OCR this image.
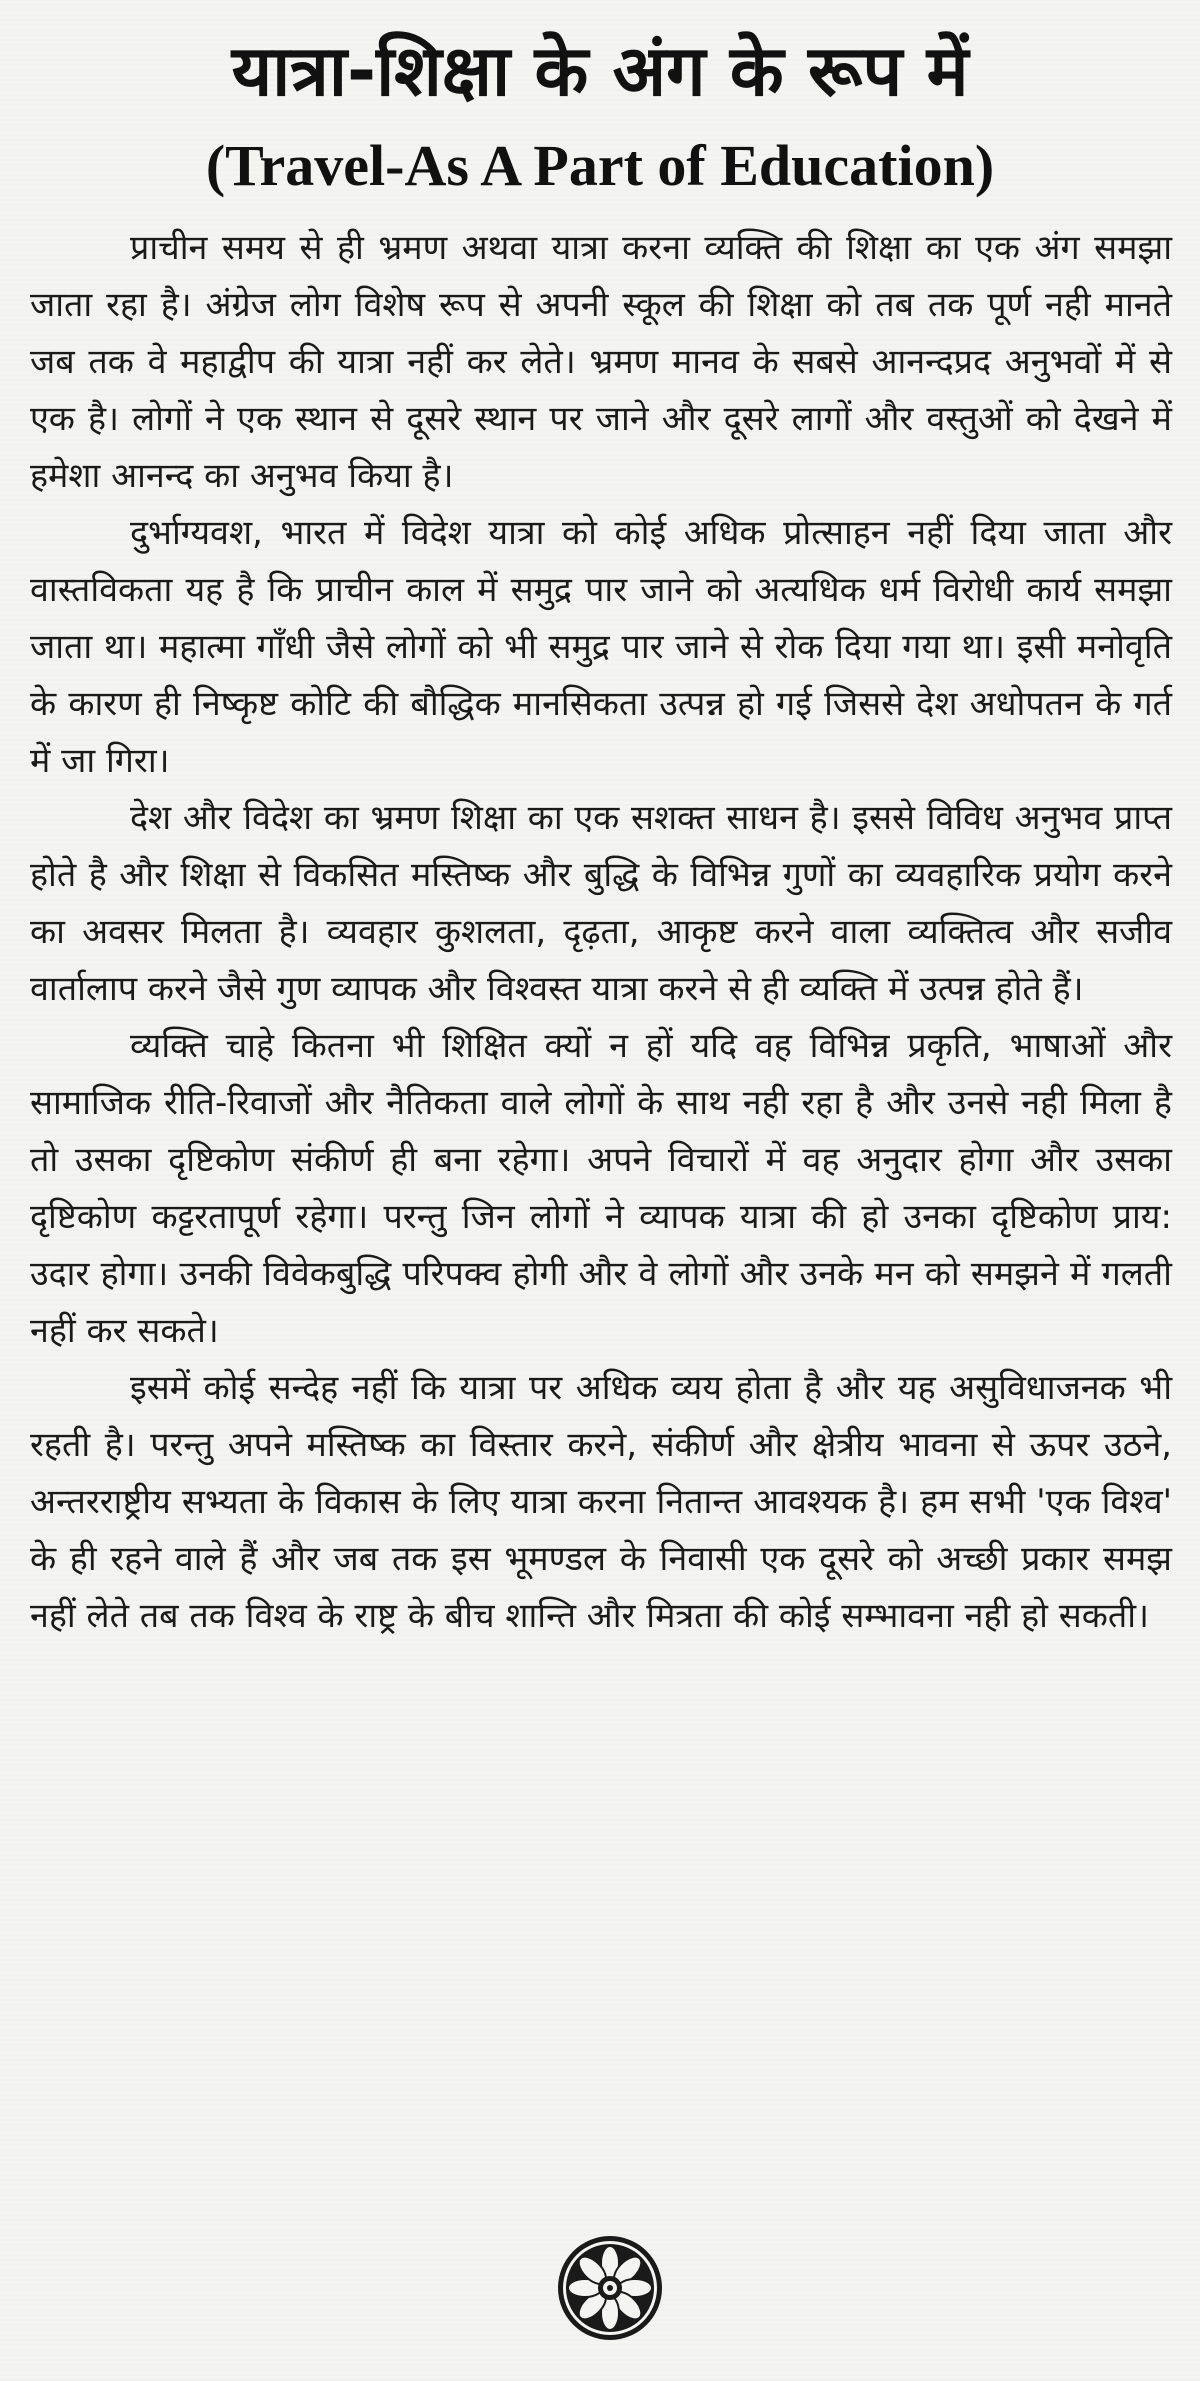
यात्रा-शिक्षा के अंग के रूप में
(Travel-As A Part of Education)

प्राचीन समय से ही भ्रमण अथवा यात्रा करना व्यक्ति की शिक्षा का एक अंग समझा जाता रहा है। अंग्रेज लोग विशेष रूप से अपनी स्कूल की शिक्षा को तब तक पूर्ण नही मानते जब तक वे महाद्वीप की यात्रा नहीं कर लेते। भ्रमण मानव के सबसे आनन्दप्रद अनुभवों में से एक है। लोगों ने एक स्थान से दूसरे स्थान पर जाने और दूसरे लागों और वस्तुओं को देखने में हमेशा आनन्द का अनुभव किया है।

दुर्भाग्यवश, भारत में विदेश यात्रा को कोई अधिक प्रोत्साहन नहीं दिया जाता और वास्तविकता यह है कि प्राचीन काल में समुद्र पार जाने को अत्यधिक धर्म विरोधी कार्य समझा जाता था। महात्मा गाँधी जैसे लोगों को भी समुद्र पार जाने से रोक दिया गया था। इसी मनोवृति के कारण ही निष्कृष्ट कोटि की बौद्धिक मानसिकता उत्पन्न हो गई जिससे देश अधोपतन के गर्त में जा गिरा।

देश और विदेश का भ्रमण शिक्षा का एक सशक्त साधन है। इससे विविध अनुभव प्राप्त होते है और शिक्षा से विकसित मस्तिष्क और बुद्धि के विभिन्न गुणों का व्यवहारिक प्रयोग करने का अवसर मिलता है। व्यवहार कुशलता, दृढ़ता, आकृष्ट करने वाला व्यक्तित्व और सजीव वार्तालाप करने जैसे गुण व्यापक और विश्वस्त यात्रा करने से ही व्यक्ति में उत्पन्न होते हैं।

व्यक्ति चाहे कितना भी शिक्षित क्यों न हों यदि वह विभिन्न प्रकृति, भाषाओं और सामाजिक रीति-रिवाजों और नैतिकता वाले लोगों के साथ नही रहा है और उनसे नही मिला है तो उसका दृष्टिकोण संकीर्ण ही बना रहेगा। अपने विचारों में वह अनुदार होगा और उसका दृष्टिकोण कट्टरतापूर्ण रहेगा। परन्तु जिन लोगों ने व्यापक यात्रा की हो उनका दृष्टिकोण प्राय: उदार होगा। उनकी विवेकबुद्धि परिपक्व होगी और वे लोगों और उनके मन को समझने में गलती नहीं कर सकते।

इसमें कोई सन्देह नहीं कि यात्रा पर अधिक व्यय होता है और यह असुविधाजनक भी रहती है। परन्तु अपने मस्तिष्क का विस्तार करने, संकीर्ण और क्षेत्रीय भावना से ऊपर उठने, अन्तरराष्ट्रीय सभ्यता के विकास के लिए यात्रा करना नितान्त आवश्यक है। हम सभी 'एक विश्व' के ही रहने वाले हैं और जब तक इस भूमण्डल के निवासी एक दूसरे को अच्छी प्रकार समझ नहीं लेते तब तक विश्व के राष्ट्र के बीच शान्ति और मित्रता की कोई सम्भावना नही हो सकती।
